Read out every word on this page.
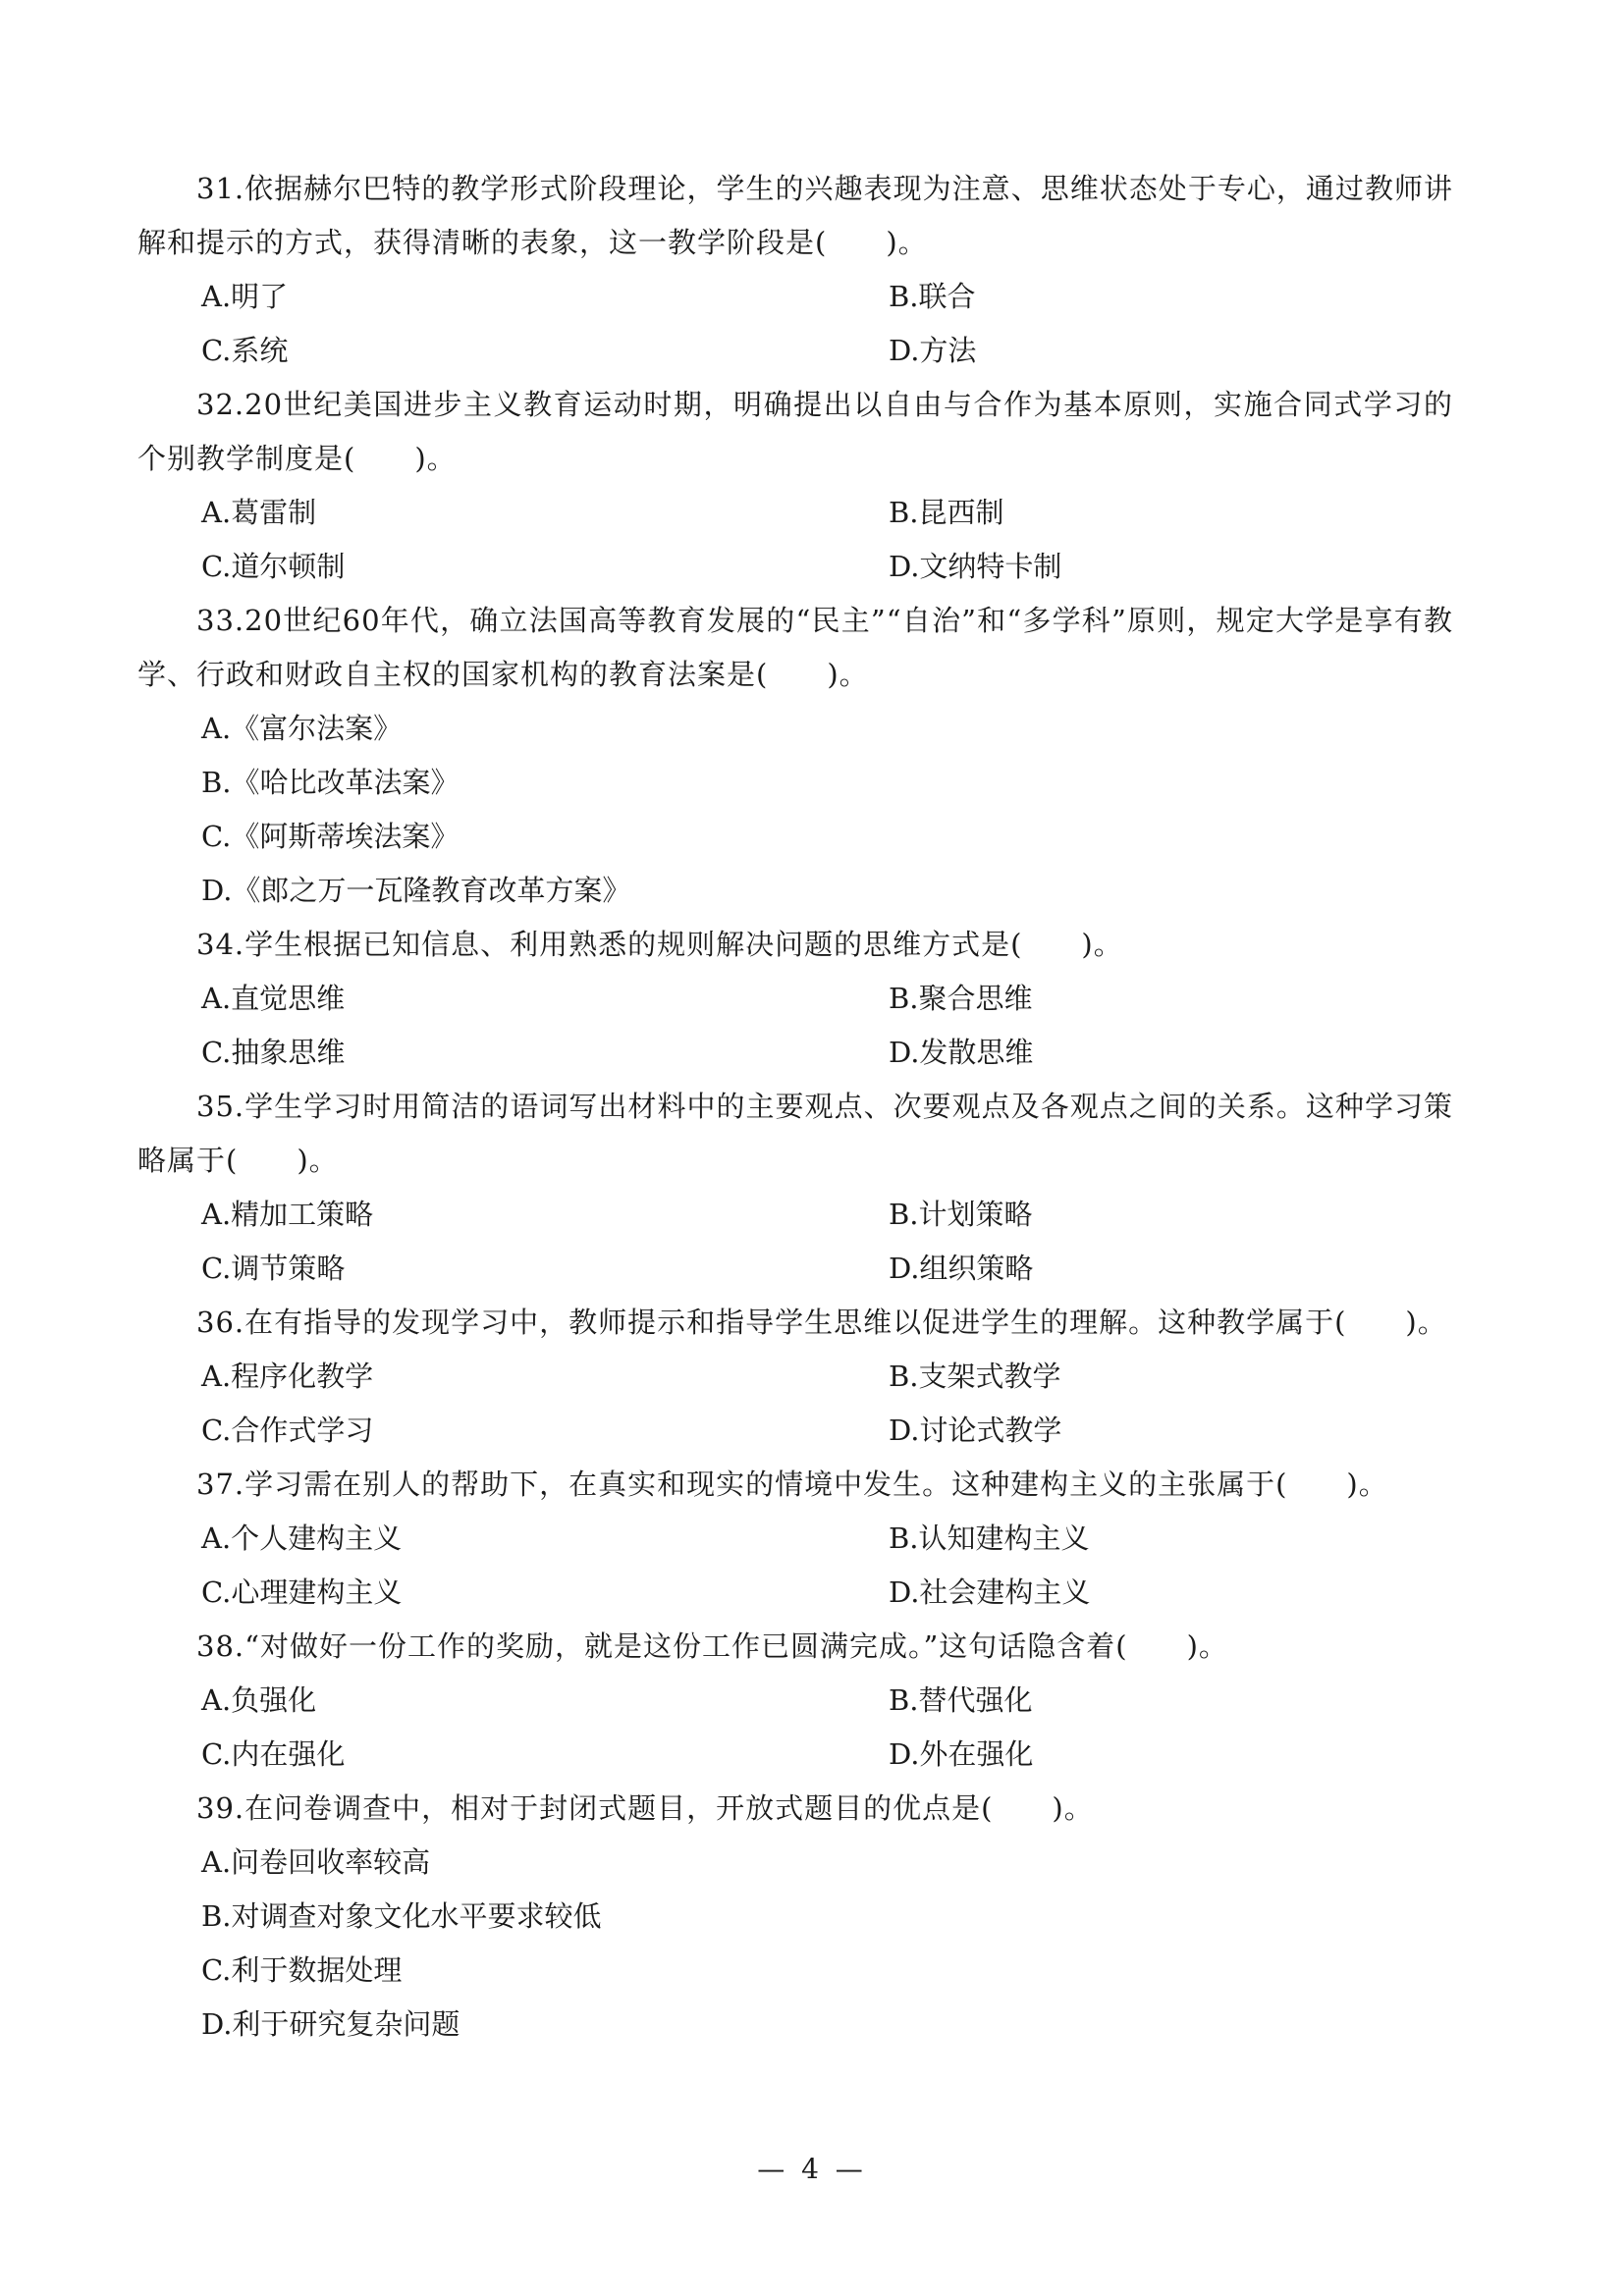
31.依据赫尔巴特的教学形式阶段理论，学生的兴趣表现为注意、思维状态处于专心，通过教师讲解和提示的方式，获得清晰的表象，这一教学阶段是(　　)。
A.明了	B.联合
C.系统	D.方法
32.20世纪美国进步主义教育运动时期，明确提出以自由与合作为基本原则，实施合同式学习的个别教学制度是(　　)。
A.葛雷制	B.昆西制
C.道尔顿制	D.文纳特卡制
33.20世纪60年代，确立法国高等教育发展的“民主”“自治”和“多学科”原则，规定大学是享有教学、行政和财政自主权的国家机构的教育法案是(　　)。
A.《富尔法案》
B.《哈比改革法案》
C.《阿斯蒂埃法案》
D.《郎之万一瓦隆教育改革方案》
34.学生根据已知信息、利用熟悉的规则解决问题的思维方式是(　　)。
A.直觉思维	B.聚合思维
C.抽象思维	D.发散思维
35.学生学习时用简洁的语词写出材料中的主要观点、次要观点及各观点之间的关系。这种学习策略属于(　　)。
A.精加工策略	B.计划策略
C.调节策略	D.组织策略
36.在有指导的发现学习中，教师提示和指导学生思维以促进学生的理解。这种教学属于(　　)。
A.程序化教学	B.支架式教学
C.合作式学习	D.讨论式教学
37.学习需在别人的帮助下，在真实和现实的情境中发生。这种建构主义的主张属于(　　)。
A.个人建构主义	B.认知建构主义
C.心理建构主义	D.社会建构主义
38.“对做好一份工作的奖励，就是这份工作已圆满完成。”这句话隐含着(　　)。
A.负强化	B.替代强化
C.内在强化	D.外在强化
39.在问卷调查中，相对于封闭式题目，开放式题目的优点是(　　)。
A.问卷回收率较高
B.对调查对象文化水平要求较低
C.利于数据处理
D.利于研究复杂问题
— 4 —
